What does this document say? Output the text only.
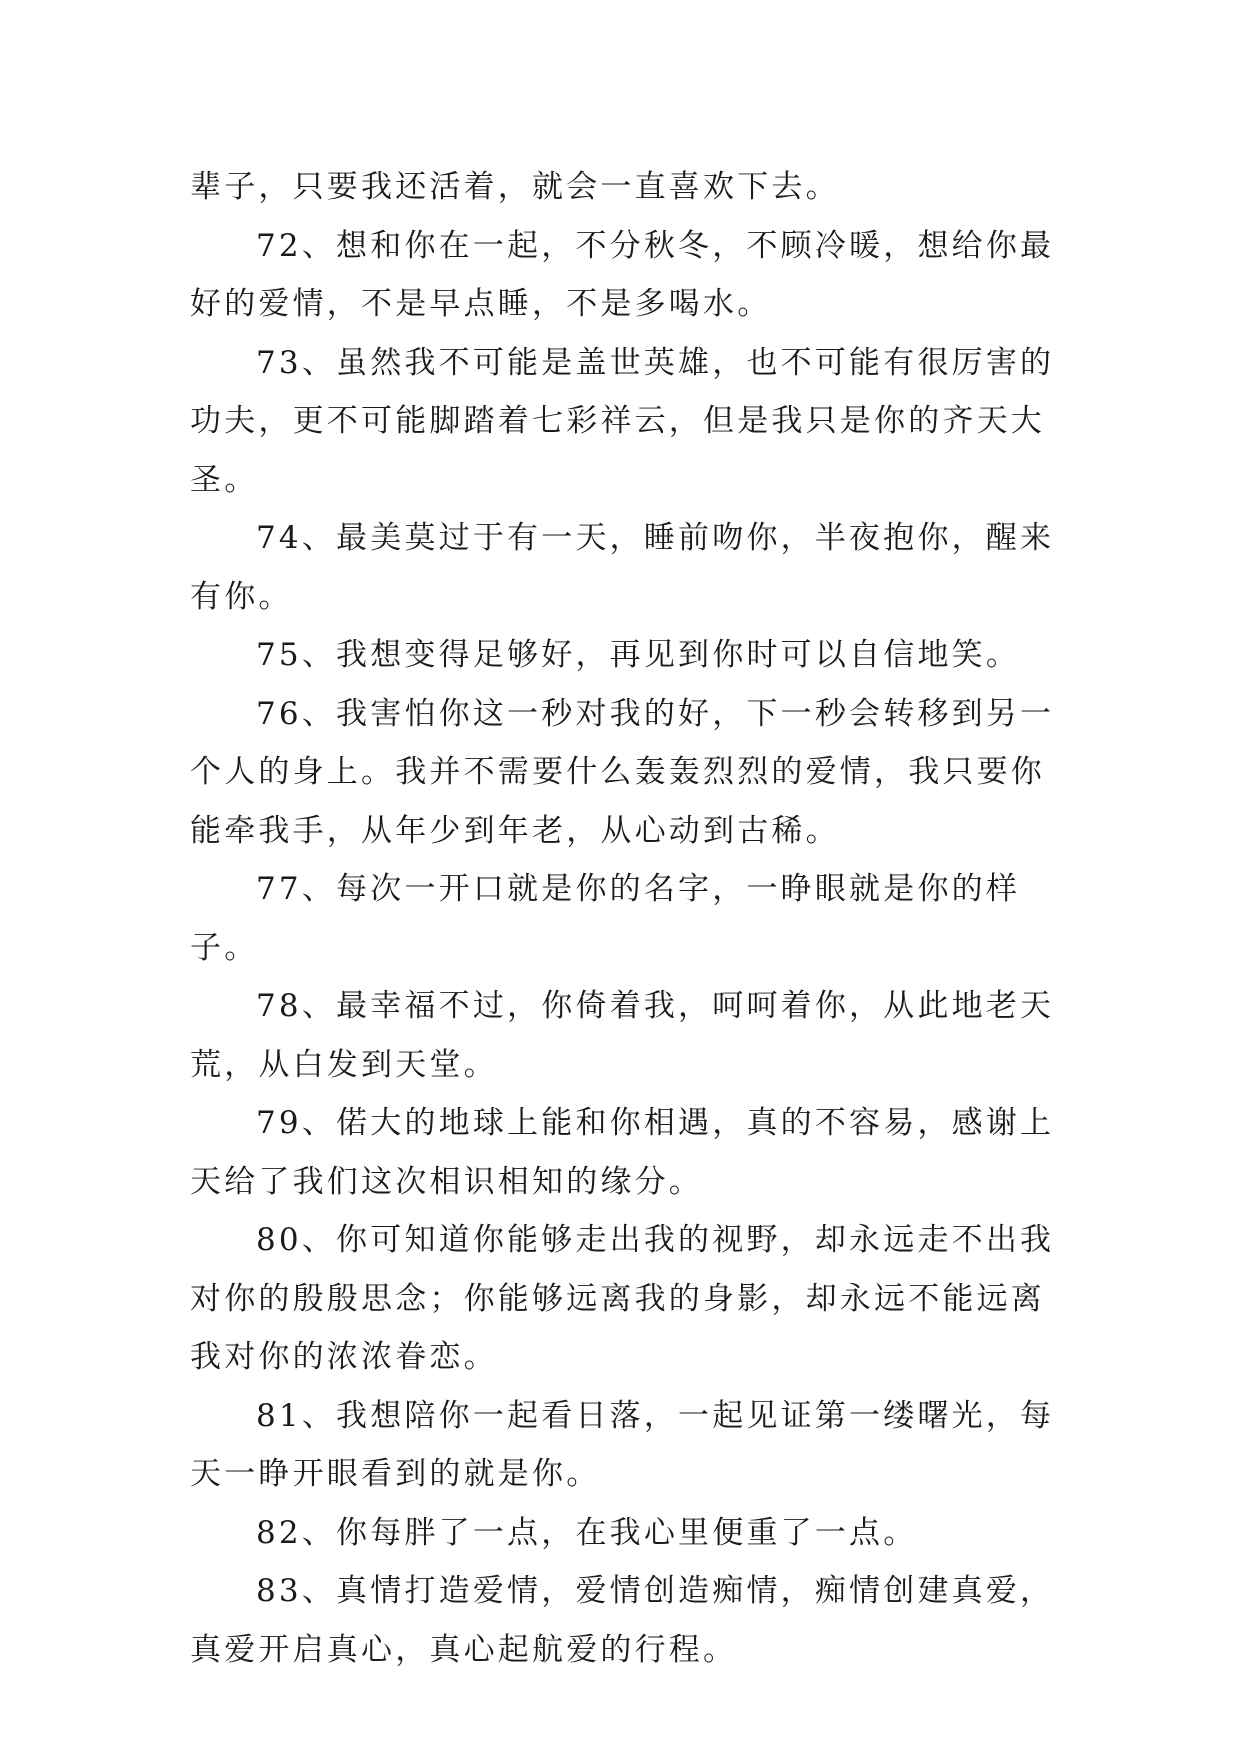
辈子，只要我还活着，就会一直喜欢下去。

72、想和你在一起，不分秋冬，不顾冷暖，想给你最好的爱情，不是早点睡，不是多喝水。

73、虽然我不可能是盖世英雄，也不可能有很厉害的功夫，更不可能脚踏着七彩祥云，但是我只是你的齐天大圣。

74、最美莫过于有一天，睡前吻你，半夜抱你，醒来有你。

75、我想变得足够好，再见到你时可以自信地笑。

76、我害怕你这一秒对我的好，下一秒会转移到另一个人的身上。我并不需要什么轰轰烈烈的爱情，我只要你能牵我手，从年少到年老，从心动到古稀。

77、每次一开口就是你的名字，一睁眼就是你的样子。

78、最幸福不过，你倚着我，呵呵着你，从此地老天荒，从白发到天堂。

79、偌大的地球上能和你相遇，真的不容易，感谢上天给了我们这次相识相知的缘分。

80、你可知道你能够走出我的视野，却永远走不出我对你的殷殷思念；你能够远离我的身影，却永远不能远离我对你的浓浓眷恋。

81、我想陪你一起看日落，一起见证第一缕曙光，每天一睁开眼看到的就是你。

82、你每胖了一点，在我心里便重了一点。

83、真情打造爱情，爱情创造痴情，痴情创建真爱，真爱开启真心，真心起航爱的行程。
